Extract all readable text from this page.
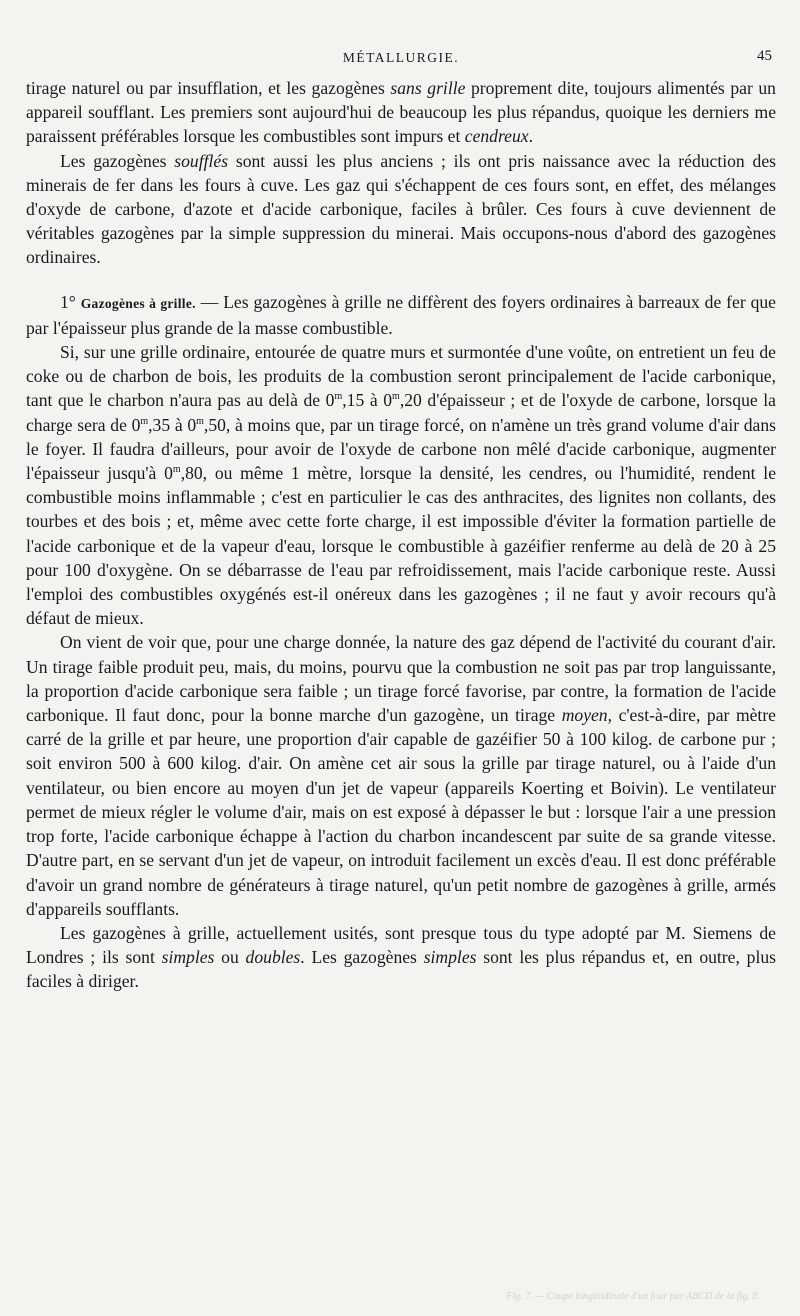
MÉTALLURGIE.	45

tirage naturel ou par insufflation, et les gazogènes sans grille proprement dite, toujours alimentés par un appareil soufflant. Les premiers sont aujourd'hui de beaucoup les plus répandus, quoique les derniers me paraissent préférables lorsque les combustibles sont impurs et cendreux.

Les gazogènes soufflés sont aussi les plus anciens ; ils ont pris naissance avec la réduction des minerais de fer dans les fours à cuve. Les gaz qui s'échappent de ces fours sont, en effet, des mélanges d'oxyde de carbone, d'azote et d'acide carbonique, faciles à brûler. Ces fours à cuve deviennent de véritables gazogènes par la simple suppression du minerai. Mais occupons-nous d'abord des gazogènes ordinaires.

1° Gazogènes à grille. — Les gazogènes à grille ne diffèrent des foyers ordinaires à barreaux de fer que par l'épaisseur plus grande de la masse combustible.

Si, sur une grille ordinaire, entourée de quatre murs et surmontée d'une voûte, on entretient un feu de coke ou de charbon de bois, les produits de la combustion seront principalement de l'acide carbonique, tant que le charbon n'aura pas au delà de 0$^m$,15 à 0$^m$,20 d'épaisseur ; et de l'oxyde de carbone, lorsque la charge sera de 0$^m$,35 à 0$^m$,50, à moins que, par un tirage forcé, on n'amène un très grand volume d'air dans le foyer. Il faudra d'ailleurs, pour avoir de l'oxyde de carbone non mêlé d'acide carbonique, augmenter l'épaisseur jusqu'à 0$^m$,80, ou même 1 mètre, lorsque la densité, les cendres, ou l'humidité, rendent le combustible moins inflammable ; c'est en particulier le cas des anthracites, des lignites non collants, des tourbes et des bois ; et, même avec cette forte charge, il est impossible d'éviter la formation partielle de l'acide carbonique et de la vapeur d'eau, lorsque le combustible à gazéifier renferme au delà de 20 à 25 pour 100 d'oxygène. On se débarrasse de l'eau par refroidissement, mais l'acide carbonique reste. Aussi l'emploi des combustibles oxygénés est-il onéreux dans les gazogènes ; il ne faut y avoir recours qu'à défaut de mieux.

On vient de voir que, pour une charge donnée, la nature des gaz dépend de l'activité du courant d'air. Un tirage faible produit peu, mais, du moins, pourvu que la combustion ne soit pas par trop languissante, la proportion d'acide carbonique sera faible ; un tirage forcé favorise, par contre, la formation de l'acide carbonique. Il faut donc, pour la bonne marche d'un gazogène, un tirage moyen, c'est-à-dire, par mètre carré de la grille et par heure, une proportion d'air capable de gazéifier 50 à 100 kilog. de carbone pur ; soit environ 500 à 600 kilog. d'air. On amène cet air sous la grille par tirage naturel, ou à l'aide d'un ventilateur, ou bien encore au moyen d'un jet de vapeur (appareils Koerting et Boivin). Le ventilateur permet de mieux régler le volume d'air, mais on est exposé à dépasser le but : lorsque l'air a une pression trop forte, l'acide carbonique échappe à l'action du charbon incandescent par suite de sa grande vitesse. D'autre part, en se servant d'un jet de vapeur, on introduit facilement un excès d'eau. Il est donc préférable d'avoir un grand nombre de générateurs à tirage naturel, qu'un petit nombre de gazogènes à grille, armés d'appareils soufflants.

Les gazogènes à grille, actuellement usités, sont presque tous du type adopté par M. Siemens de Londres ; ils sont simples ou doubles. Les gazogènes simples sont les plus répandus et, en outre, plus faciles à diriger.

Fig. 7. — Coupe longitudinale d'un four par ABCD de la fig. 8.
